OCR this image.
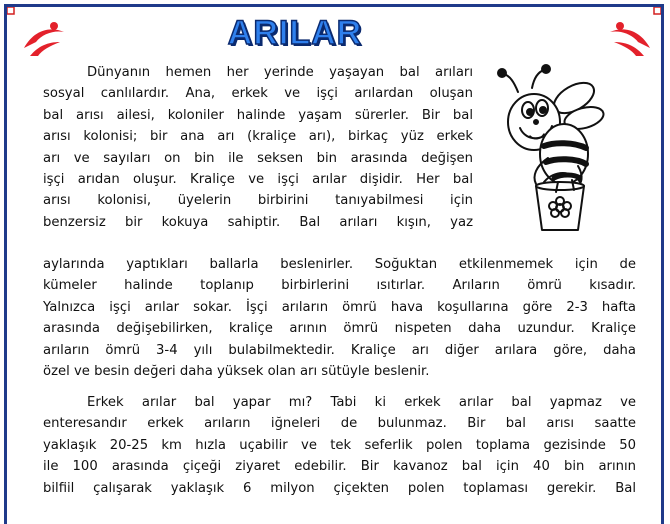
ARILAR
Dünyanın hemen her yerinde yaşayan bal arıları
sosyal canlılardır. Ana, erkek ve işçi arılardan oluşan
bal arısı ailesi, koloniler halinde yaşam sürerler. Bir bal
arısı kolonisi; bir ana arı (kraliçe arı), birkaç yüz erkek
arı ve sayıları on bin ile seksen bin arasında değişen
işçi arıdan oluşur. Kraliçe ve işçi arılar dişidir. Her bal
arısı kolonisi, üyelerin birbirini tanıyabilmesi için
benzersiz bir kokuya sahiptir. Bal arıları kışın, yaz
aylarında yaptıkları ballarla beslenirler. Soğuktan etkilenmemek için de
kümeler halinde toplanıp birbirlerini ısıtırlar. Arıların ömrü kısadır.
Yalnızca işçi arılar sokar. İşçi arıların ömrü hava koşullarına göre 2-3 hafta
arasında değişebilirken, kraliçe arının ömrü nispeten daha uzundur. Kraliçe
arıların ömrü 3-4 yılı bulabilmektedir. Kraliçe arı diğer arılara göre, daha
özel ve besin değeri daha yüksek olan arı sütüyle beslenir.
Erkek arılar bal yapar mı? Tabi ki erkek arılar bal yapmaz ve
enteresandır erkek arıların iğneleri de bulunmaz. Bir bal arısı saatte
yaklaşık 20-25 km hızla uçabilir ve tek seferlik polen toplama gezisinde 50
ile 100 arasında çiçeği ziyaret edebilir. Bir kavanoz bal için 40 bin arının
bilfiil çalışarak yaklaşık 6 milyon çiçekten polen toplaması gerekir. Bal
